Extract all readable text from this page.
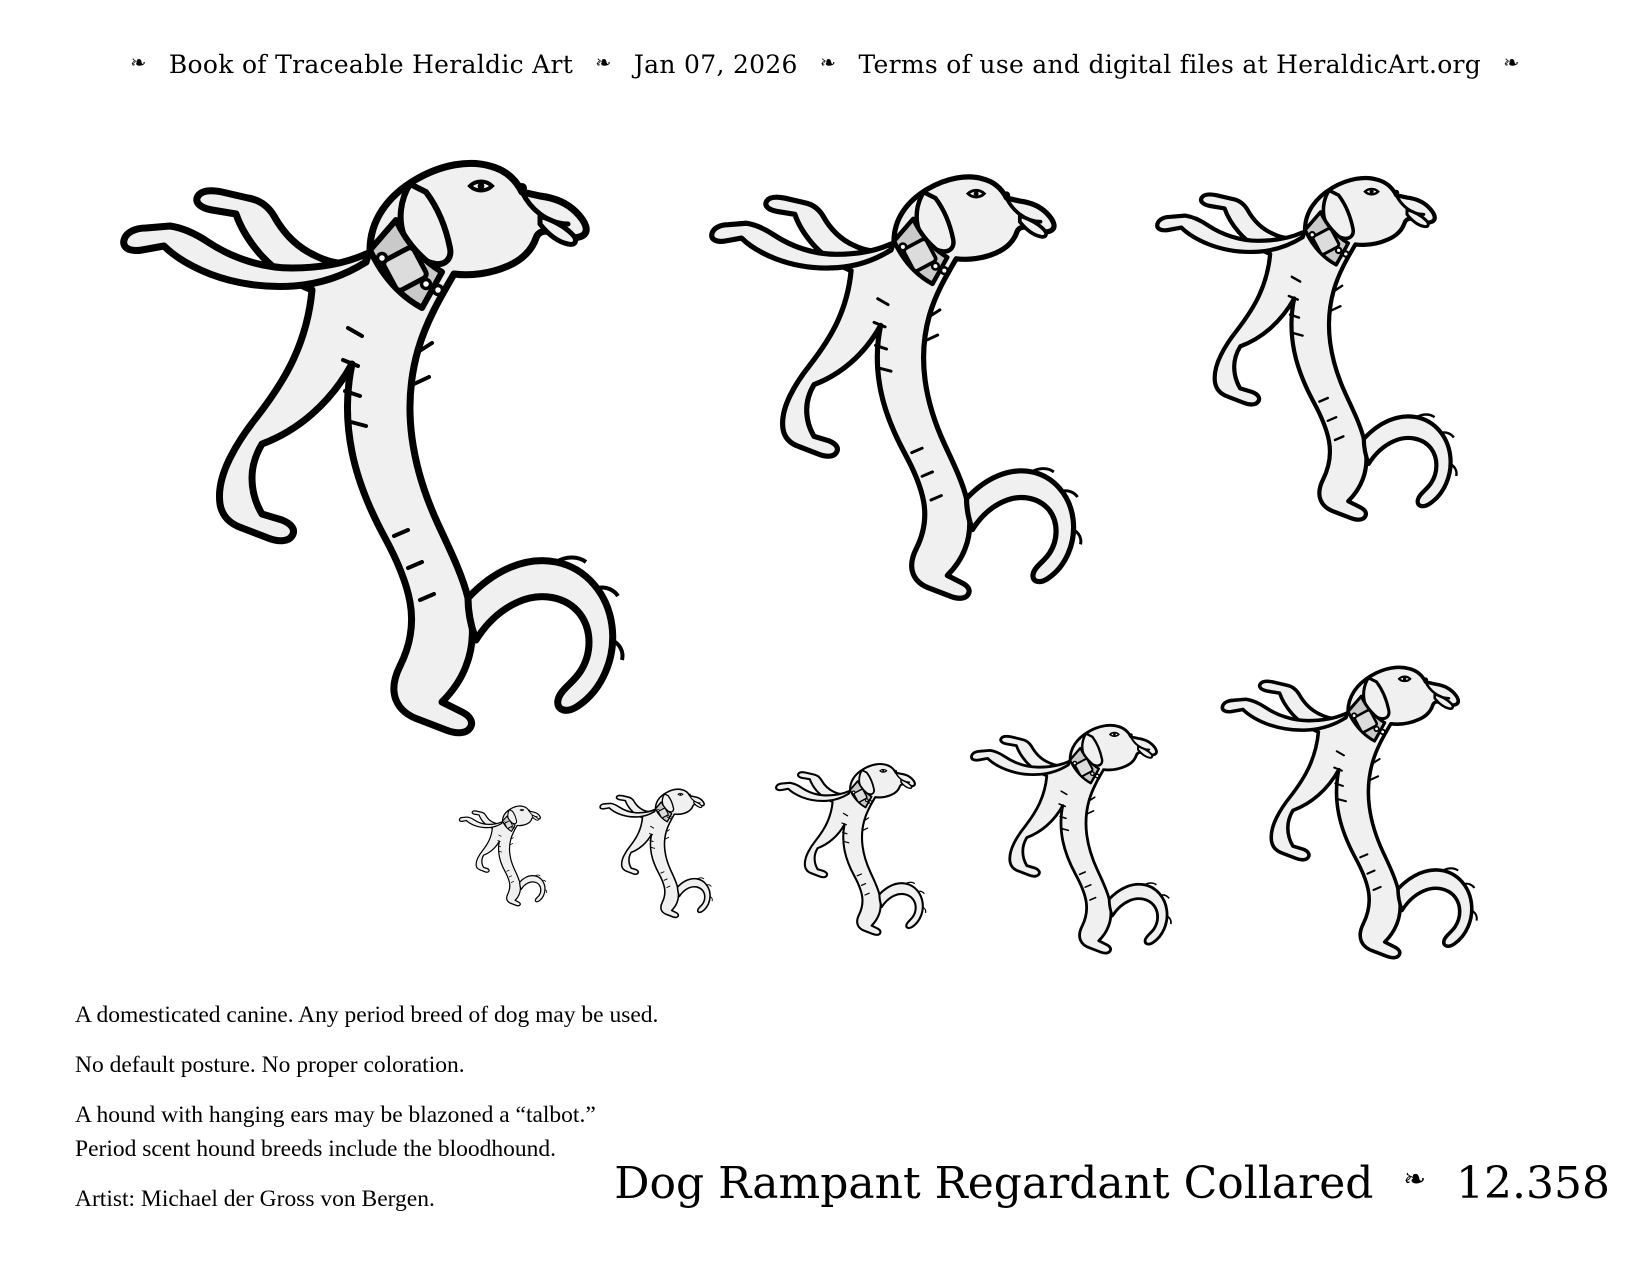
❧ Book of Traceable Heraldic Art ❧ Jan 07, 2026 ❧ Terms of use and digital files at HeraldicArt.org ❧

A domesticated canine. Any period breed of dog may be used.

No default posture. No proper coloration.

A hound with hanging ears may be blazoned a “talbot.”

Period scent hound breeds include the bloodhound.

Artist: Michael der Gross von Bergen.	Dog Rampant Regardant Collared ❧ 12.358
